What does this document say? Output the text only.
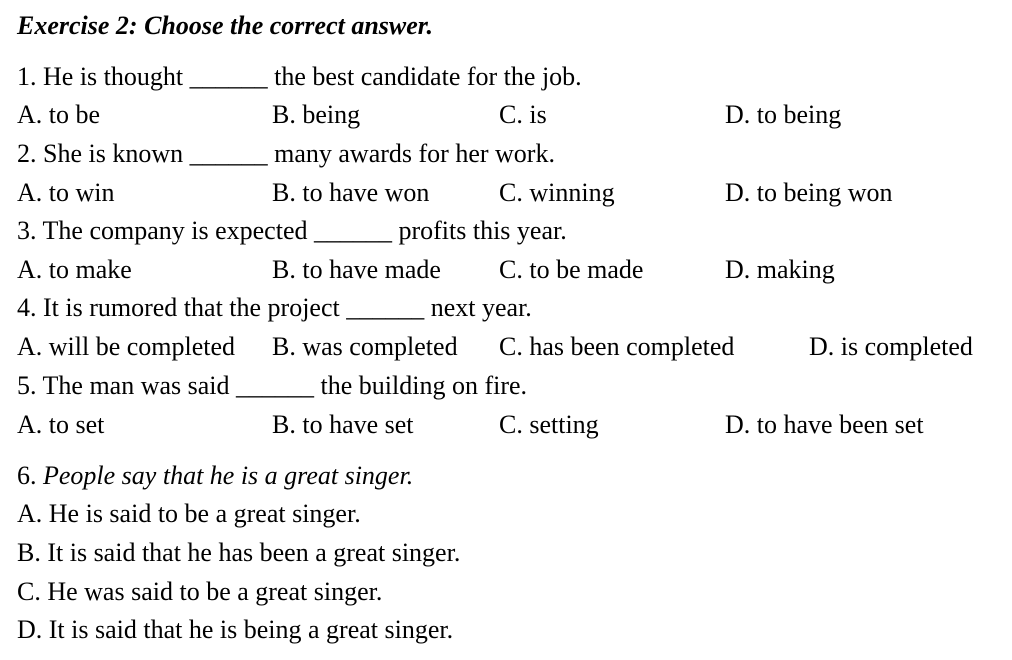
Exercise 2: Choose the correct answer.
1. He is thought ______ the best candidate for the job.
A. to be	B. being	C. is	D. to being
2. She is known ______ many awards for her work.
A. to win	B. to have won	C. winning	D. to being won
3. The company is expected ______ profits this year.
A. to make	B. to have made C. to be made	D. making
4. It is rumored that the project ______ next year.
A. will be completed B. was completed C. has been completed	D. is completed
5. The man was said ______ the building on fire.
A. to set	B. to have set	C. setting	D. to have been set
6. People say that he is a great singer.
A. He is said to be a great singer.
B. It is said that he has been a great singer.
C. He was said to be a great singer.
D. It is said that he is being a great singer.
